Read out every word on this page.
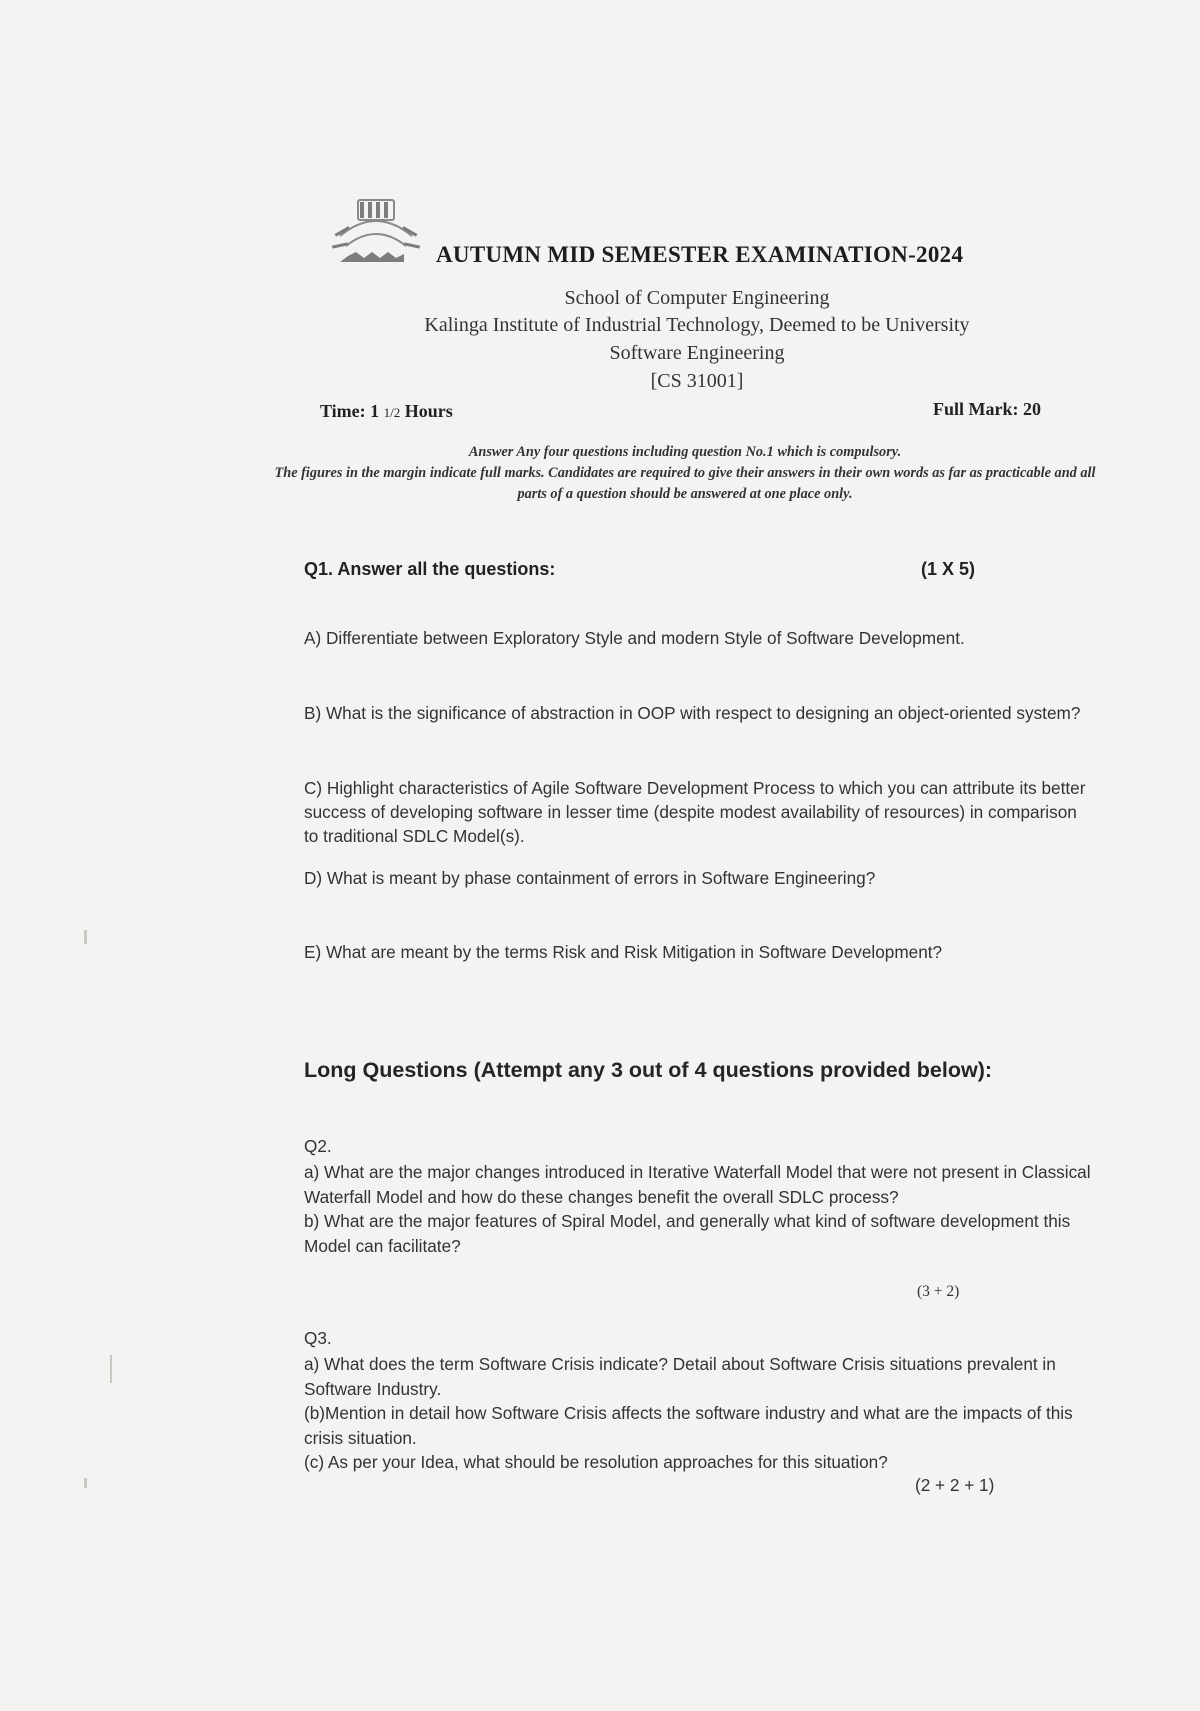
AUTUMN MID SEMESTER EXAMINATION-2024
School of Computer Engineering
Kalinga Institute of Industrial Technology, Deemed to be University
Software Engineering
[CS 31001]
Time: 1 1/2 Hours	Full Mark: 20
Answer Any four questions including question No.1 which is compulsory.
The figures in the margin indicate full marks. Candidates are required to give their answers in their own words as far as practicable and all parts of a question should be answered at one place only.
Q1. Answer all the questions:	(1 X 5)
A) Differentiate between Exploratory Style and modern Style of Software Development.
B) What is the significance of abstraction in OOP with respect to designing an object-oriented system?
C) Highlight characteristics of Agile Software Development Process to which you can attribute its better success of developing software in lesser time (despite modest availability of resources) in comparison to traditional SDLC Model(s).
D) What is meant by phase containment of errors in Software Engineering?
E) What are meant by the terms Risk and Risk Mitigation in Software Development?
Long Questions (Attempt any 3 out of 4 questions provided below):
Q2.
a) What are the major changes introduced in Iterative Waterfall Model that were not present in Classical Waterfall Model and how do these changes benefit the overall SDLC process?
b) What are the major features of Spiral Model, and generally what kind of software development this Model can facilitate?
(3 + 2)
Q3.
a) What does the term Software Crisis indicate? Detail about Software Crisis situations prevalent in Software Industry.
(b)Mention in detail how Software Crisis affects the software industry and what are the impacts of this crisis situation.
(c) As per your Idea, what should be resolution approaches for this situation?
(2 + 2 + 1)
